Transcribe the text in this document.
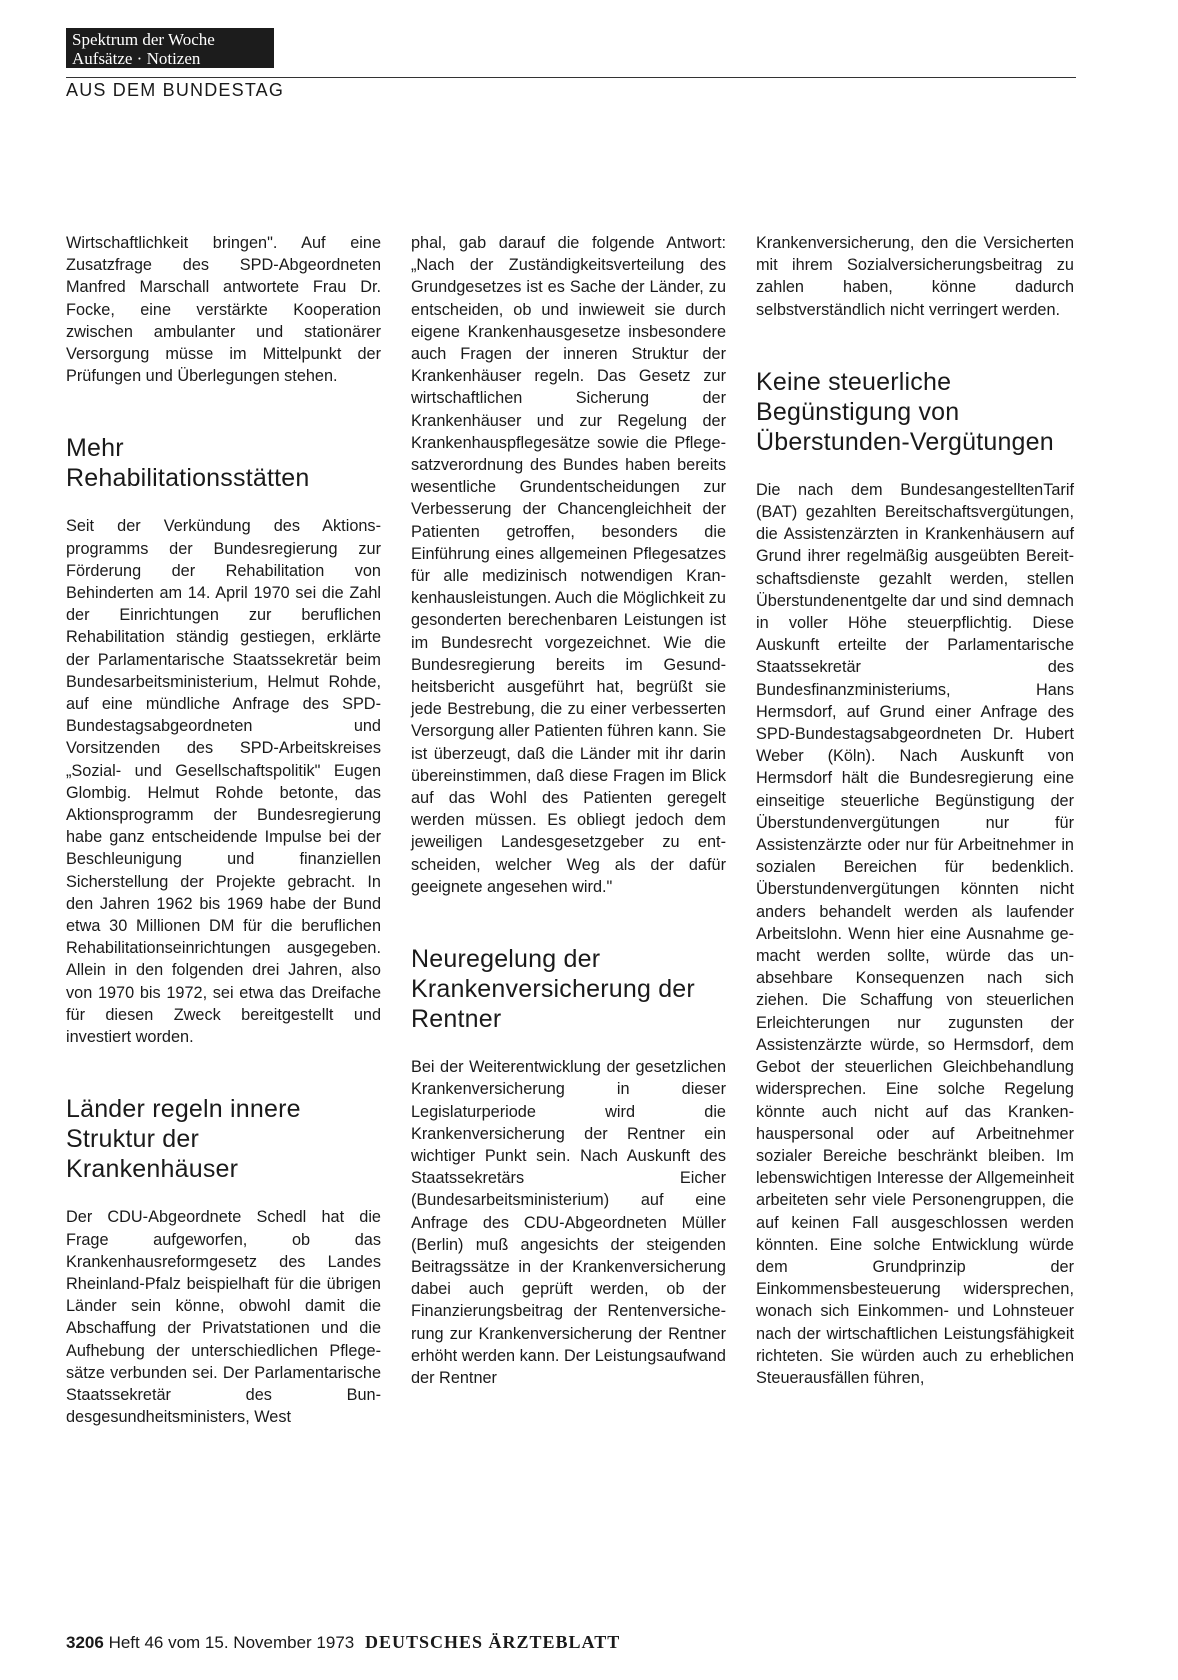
Spektrum der Woche
Aufsätze · Notizen
AUS DEM BUNDESTAG

Wirtschaftlichkeit bringen". Auf eine Zusatzfrage des SPD-Abgeordneten Manfred Marschall antwortete Frau Dr. Focke, eine verstärkte Kooperation zwischen ambulanter und stationärer Versorgung müsse im Mittelpunkt der Prüfungen und Überlegungen stehen.

Mehr Rehabilitationsstätten

Seit der Verkündung des Aktionsprogramms der Bundesregierung zur Förderung der Rehabilitation von Behinderten am 14. April 1970 sei die Zahl der Einrichtungen zur beruflichen Rehabilitation ständig gestiegen, erklärte der Parlamentarische Staatssekretär beim Bundesarbeitsministerium, Helmut Rohde, auf eine mündliche Anfrage des SPD-Bundestagsabgeordneten und Vorsitzenden des SPD-Arbeitskreises „Sozial- und Gesellschaftspolitik" Eugen Glombig. Helmut Rohde betonte, das Aktionsprogramm der Bundesregierung habe ganz entscheidende Impulse bei der Beschleunigung und finanziellen Sicherstellung der Projekte gebracht. In den Jahren 1962 bis 1969 habe der Bund etwa 30 Millionen DM für die beruflichen Rehabilitationseinrichtungen ausgegeben. Allein in den folgenden drei Jahren, also von 1970 bis 1972, sei etwa das Dreifache für diesen Zweck bereitgestellt und investiert worden.

Länder regeln innere Struktur der Krankenhäuser

Der CDU-Abgeordnete Schedl hat die Frage aufgeworfen, ob das Krankenhausreformgesetz des Landes Rheinland-Pfalz beispielhaft für die übrigen Länder sein könne, obwohl damit die Abschaffung der Privatstationen und die Aufhebung der unterschiedlichen Pflegesätze verbunden sei. Der Parlamentarische Staatssekretär des Bundesgesundheitsministers, West

phal, gab darauf die folgende Antwort: „Nach der Zuständigkeitsverteilung des Grundgesetzes ist es Sache der Länder, zu entscheiden, ob und inwieweit sie durch eigene Krankenhausgesetze insbesondere auch Fragen der inneren Struktur der Krankenhäuser regeln. Das Gesetz zur wirtschaftlichen Sicherung der Krankenhäuser und zur Regelung der Krankenhauspflegesätze sowie die Pflegesatzverordnung des Bundes haben bereits wesentliche Grundentscheidungen zur Verbesserung der Chancengleichheit der Patienten getroffen, besonders die Einführung eines allgemeinen Pflegesatzes für alle medizinisch notwendigen Krankenhausleistungen. Auch die Möglichkeit zu gesonderten berechenbaren Leistungen ist im Bundesrecht vorgezeichnet. Wie die Bundesregierung bereits im Gesundheitsbericht ausgeführt hat, begrüßt sie jede Bestrebung, die zu einer verbesserten Versorgung aller Patienten führen kann. Sie ist überzeugt, daß die Länder mit ihr darin übereinstimmen, daß diese Fragen im Blick auf das Wohl des Patienten geregelt werden müssen. Es obliegt jedoch dem jeweiligen Landesgesetzgeber zu entscheiden, welcher Weg als der dafür geeignete angesehen wird."

Neuregelung der Krankenversicherung der Rentner

Bei der Weiterentwicklung der gesetzlichen Krankenversicherung in dieser Legislaturperiode wird die Krankenversicherung der Rentner ein wichtiger Punkt sein. Nach Auskunft des Staatssekretärs Eicher (Bundesarbeitsministerium) auf eine Anfrage des CDU-Abgeordneten Müller (Berlin) muß angesichts der steigenden Beitragssätze in der Krankenversicherung dabei auch geprüft werden, ob der Finanzierungsbeitrag der Rentenversicherung zur Krankenversicherung der Rentner erhöht werden kann. Der Leistungsaufwand der Rentner

Krankenversicherung, den die Versicherten mit ihrem Sozialversicherungsbeitrag zu zahlen haben, könne dadurch selbstverständlich nicht verringert werden.

Keine steuerliche Begünstigung von Überstunden-Vergütungen

Die nach dem BundesangestelltenTarif (BAT) gezahlten Bereitschaftsvergütungen, die Assistenzärzten in Krankenhäusern auf Grund ihrer regelmäßig ausgeübten Bereitschaftsdienste gezahlt werden, stellen Überstundenentgelte dar und sind demnach in voller Höhe steuerpflichtig. Diese Auskunft erteilte der Parlamentarische Staatssekretär des Bundesfinanzministeriums, Hans Hermsdorf, auf Grund einer Anfrage des SPD-Bundestagsabgeordneten Dr. Hubert Weber (Köln). Nach Auskunft von Hermsdorf hält die Bundesregierung eine einseitige steuerliche Begünstigung der Überstundenvergütungen nur für Assistenzärzte oder nur für Arbeitnehmer in sozialen Bereichen für bedenklich. Überstundenvergütungen könnten nicht anders behandelt werden als laufender Arbeitslohn. Wenn hier eine Ausnahme gemacht werden sollte, würde das unabsehbare Konsequenzen nach sich ziehen. Die Schaffung von steuerlichen Erleichterungen nur zugunsten der Assistenzärzte würde, so Hermsdorf, dem Gebot der steuerlichen Gleichbehandlung widersprechen. Eine solche Regelung könnte auch nicht auf das Krankenhauspersonal oder auf Arbeitnehmer sozialer Bereiche beschränkt bleiben. Im lebenswichtigen Interesse der Allgemeinheit arbeiteten sehr viele Personengruppen, die auf keinen Fall ausgeschlossen werden könnten. Eine solche Entwicklung würde dem Grundprinzip der Einkommensbesteuerung widersprechen, wonach sich Einkommen- und Lohnsteuer nach der wirtschaftlichen Leistungsfähigkeit richteten. Sie würden auch zu erheblichen Steuerausfällen führen,

3206 Heft 46 vom 15. November 1973 DEUTSCHES ÄRZTEBLATT
